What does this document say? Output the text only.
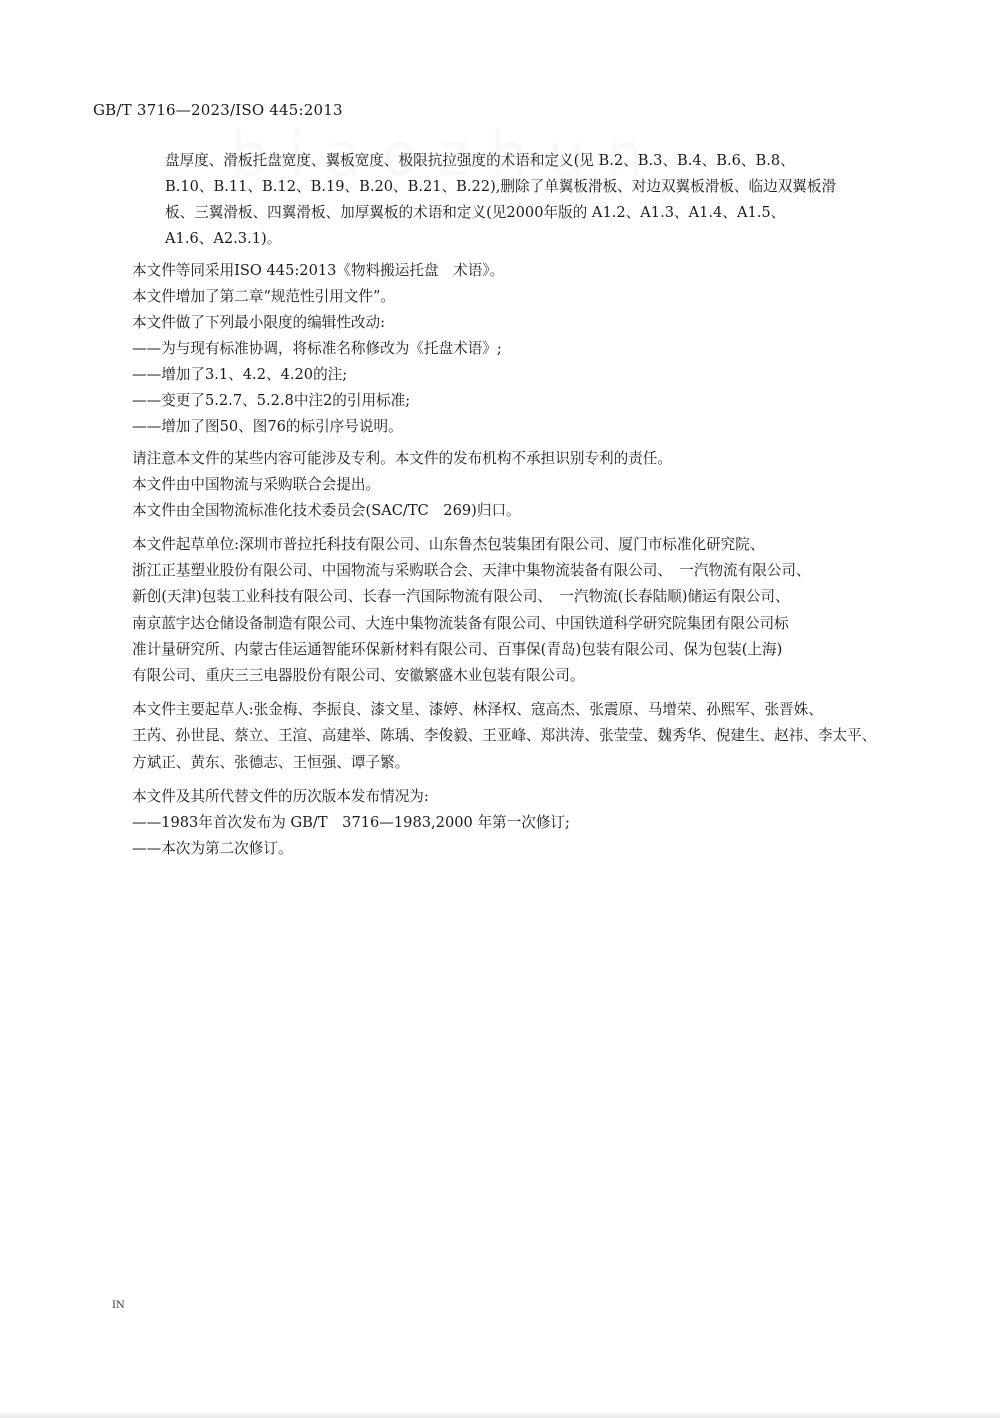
GB/T 3716—2023/ISO 445:2013
盘厚度、滑板托盘宽度、翼板宽度、极限抗拉强度的术语和定义(见 B.2、B.3、B.4、B.6、B.8、
B.10、B.11、B.12、B.19、B.20、B.21、B.22),删除了单翼板滑板、对边双翼板滑板、临边双翼板滑
板、三翼滑板、四翼滑板、加厚翼板的术语和定义(见2000年版的 A1.2、A1.3、A1.4、A1.5、
A1.6、A2.3.1)。
本文件等同采用ISO 445:2013《物料搬运托盘　术语》。
本文件增加了第二章“规范性引用文件”。
本文件做了下列最小限度的编辑性改动:
——为与现有标准协调，将标准名称修改为《托盘术语》;
——增加了3.1、4.2、4.20的注;
——变更了5.2.7、5.2.8中注2的引用标准;
——增加了图50、图76的标引序号说明。
请注意本文件的某些内容可能涉及专利。本文件的发布机构不承担识别专利的责任。
本文件由中国物流与采购联合会提出。
本文件由全国物流标准化技术委员会(SAC/TC　269)归口。
本文件起草单位:深圳市普拉托科技有限公司、山东鲁杰包装集团有限公司、厦门市标准化研究院、
浙江正基塑业股份有限公司、中国物流与采购联合会、天津中集物流装备有限公司、　一汽物流有限公司、
新创(天津)包装工业科技有限公司、长春一汽国际物流有限公司、　一汽物流(长春陆顺)储运有限公司、
南京蓝宇达仓储设备制造有限公司、大连中集物流装备有限公司、中国铁道科学研究院集团有限公司标
准计量研究所、内蒙古佳运通智能环保新材料有限公司、百事保(青岛)包装有限公司、保为包装(上海)
有限公司、重庆三三电器股份有限公司、安徽繁盛木业包装有限公司。
本文件主要起草人:张金梅、李振良、漆文星、漆婷、林泽权、寇高杰、张震原、马增荣、孙熙军、张晋姝、
王芮、孙世昆、蔡立、王渲、高建举、陈瑀、李俊毅、王亚峰、郑洪涛、张莹莹、魏秀华、倪建生、赵祎、李太平、
方斌正、黄东、张德志、王恒强、谭子繁。
本文件及其所代替文件的历次版本发布情况为:
——1983年首次发布为 GB/T　3716—1983,2000 年第一次修订;
——本次为第二次修订。
IN
